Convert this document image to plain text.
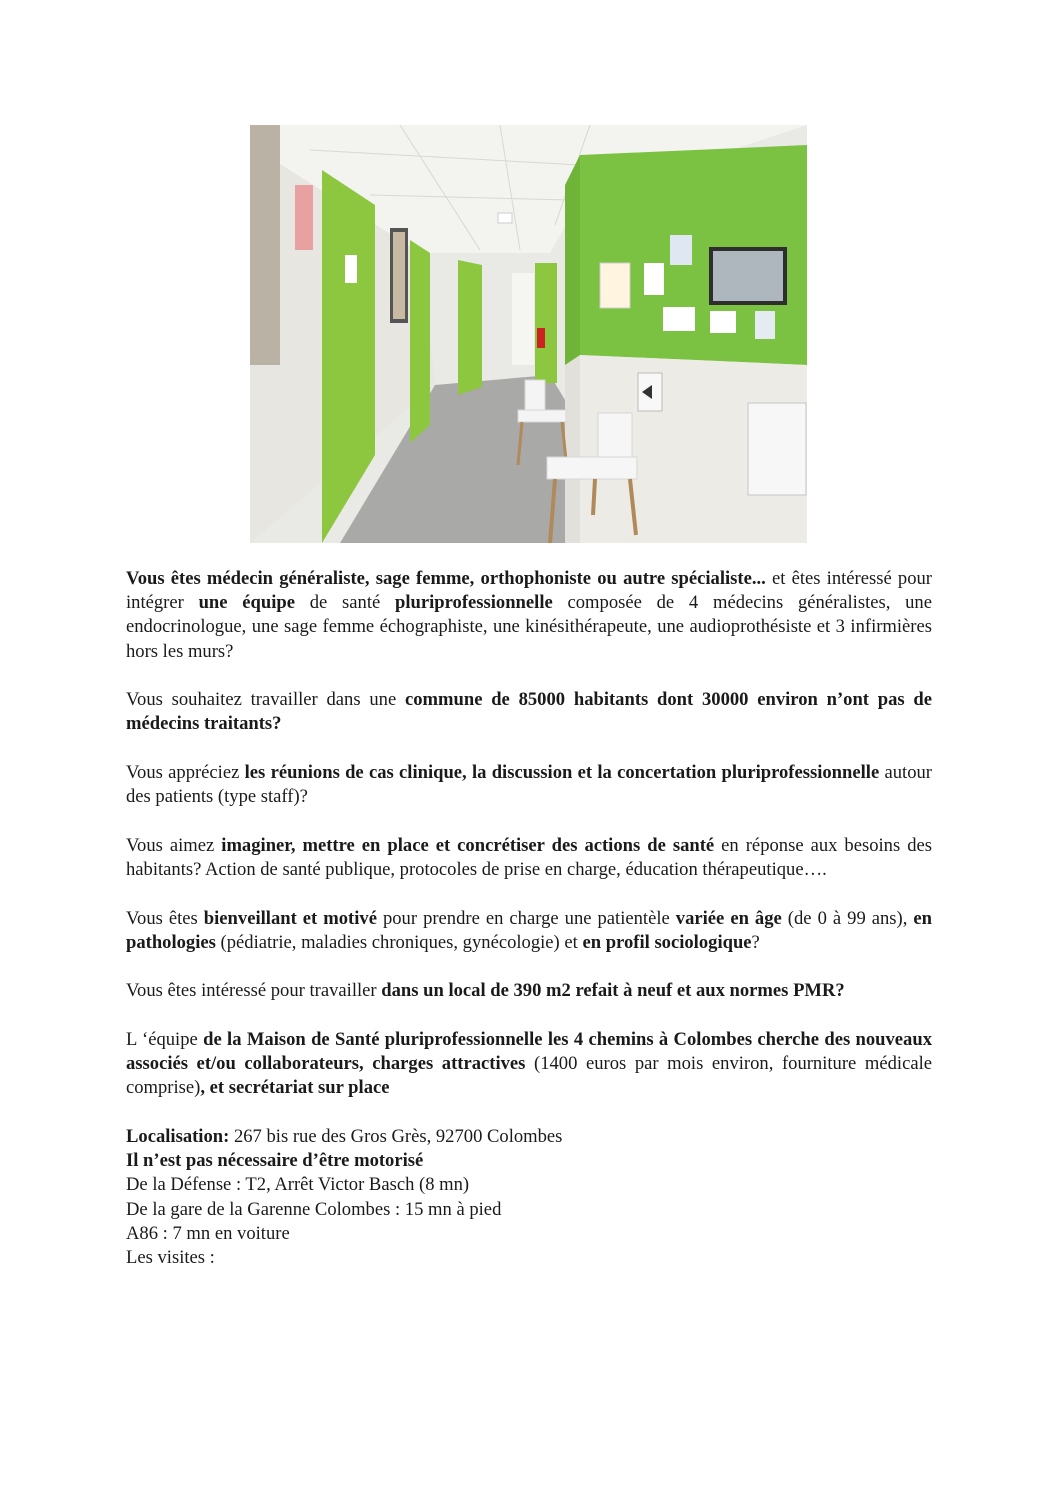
Vous êtes médecin généraliste, sage femme, orthophoniste ou autre spécialiste... et êtes intéressé pour intégrer une équipe de santé pluriprofessionnelle composée de 4 médecins généralistes, une endocrinologue, une sage femme échographiste, une kinésithérapeute, une audioprothésiste et 3 infirmières hors les murs?

Vous souhaitez travailler dans une commune de 85000 habitants dont 30000 environ n’ont pas de médecins traitants?

Vous appréciez les réunions de cas clinique, la discussion et la concertation pluriprofessionnelle autour des patients (type staff)?

Vous aimez imaginer, mettre en place et concrétiser des actions de santé en réponse aux besoins des habitants? Action de santé publique, protocoles de prise en charge, éducation thérapeutique….

Vous êtes bienveillant et motivé pour prendre en charge une patientèle variée en âge (de 0 à 99 ans), en pathologies (pédiatrie, maladies chroniques, gynécologie) et en profil sociologique?

Vous êtes intéressé pour travailler dans un local de 390 m2 refait à neuf et aux normes PMR?

L ‘équipe de la Maison de Santé pluriprofessionnelle les 4 chemins à Colombes cherche des nouveaux associés et/ou collaborateurs, charges attractives (1400 euros par mois environ, fourniture médicale comprise), et secrétariat sur place

Localisation: 267 bis rue des Gros Grès, 92700 Colombes

Il n’est pas nécessaire d’être motorisé

De la Défense : T2, Arrêt Victor Basch (8 mn)

De la gare de la Garenne Colombes : 15 mn à pied

A86 : 7 mn en voiture

Les visites :
